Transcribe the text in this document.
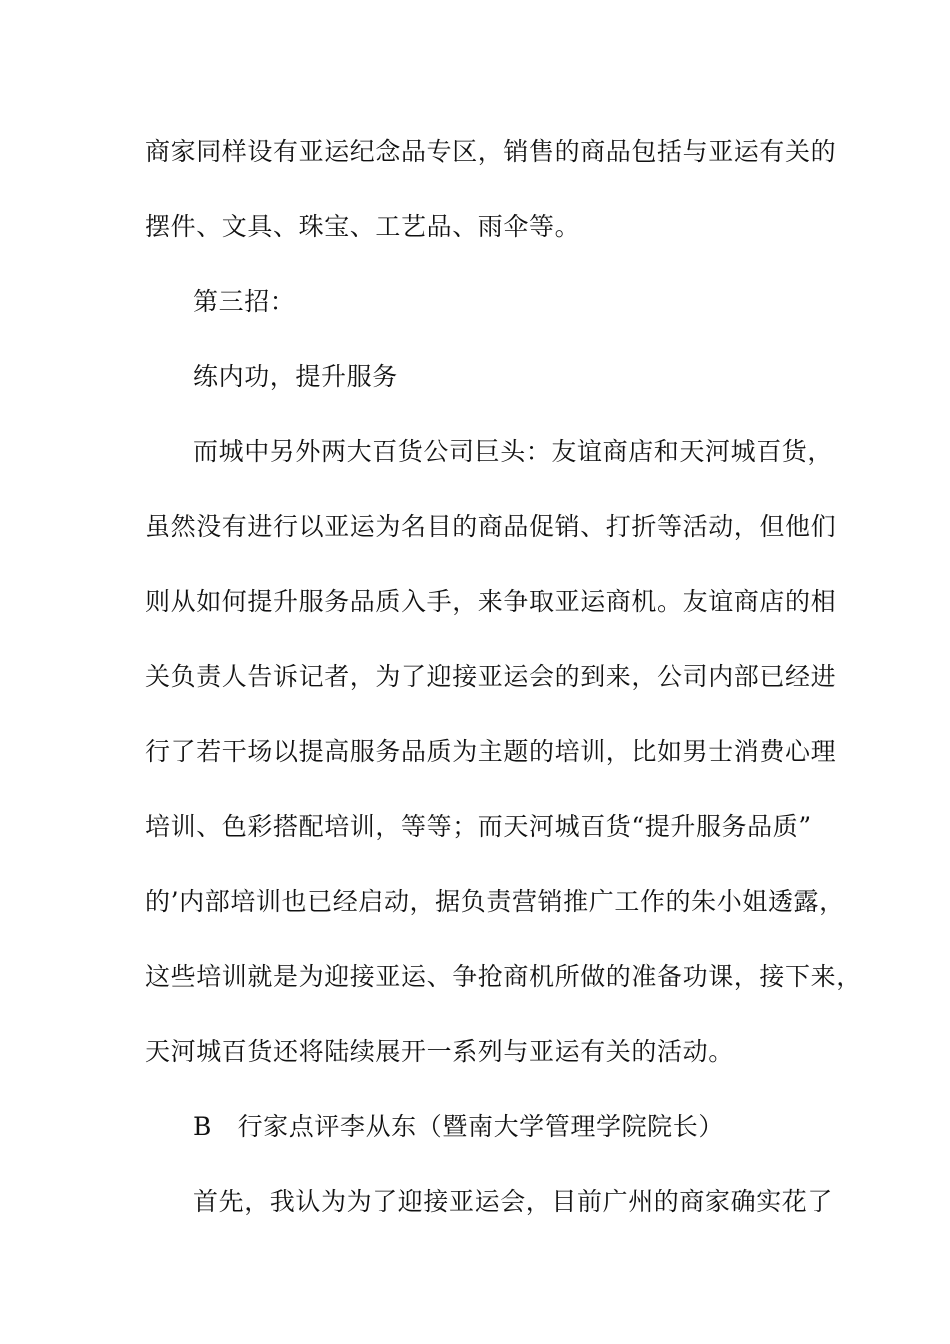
商家同样设有亚运纪念品专区，销售的商品包括与亚运有关的
摆件、文具、珠宝、工艺品、雨伞等。
第三招：
练内功，提升服务
而城中另外两大百货公司巨头：友谊商店和天河城百货，
虽然没有进行以亚运为名目的商品促销、打折等活动，但他们
则从如何提升服务品质入手，来争取亚运商机。友谊商店的相
关负责人告诉记者，为了迎接亚运会的到来，公司内部已经进
行了若干场以提高服务品质为主题的培训，比如男士消费心理
培训、色彩搭配培训，等等；而天河城百货“提升服务品质”
的’内部培训也已经启动，据负责营销推广工作的朱小姐透露，
这些培训就是为迎接亚运、争抢商机所做的准备功课，接下来，
天河城百货还将陆续展开一系列与亚运有关的活动。
B　行家点评李从东（暨南大学管理学院院长）
首先，我认为为了迎接亚运会，目前广州的商家确实花了
